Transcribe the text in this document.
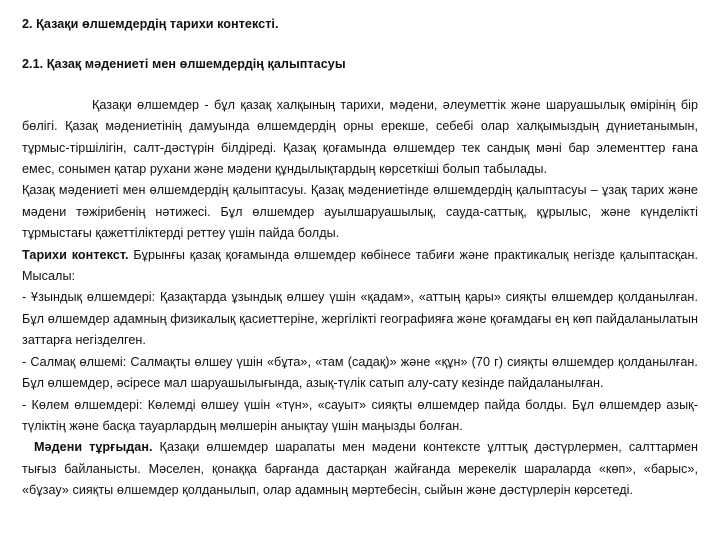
2. Қазақи өлшемдердің тарихи контексті.

2.1. Қазақ мәдениеті мен өлшемдердің қалыптасуы

Қазақи өлшемдер - бұл қазақ халқының тарихи, мәдени, әлеуметтік және шаруашылық өмірінің бір бөлігі. Қазақ мәдениетінің дамуында өлшемдердің орны ерекше, себебі олар халқымыздың дүниетанымын, тұрмыс-тіршілігін, салт-дәстүрін білдіреді. Қазақ қоғамында өлшемдер тек сандық мәні бар элементтер ғана емес, сонымен қатар рухани және мәдени құндылықтардың көрсеткіші болып табылады.

Қазақ мәдениеті мен өлшемдердің қалыптасуы. Қазақ мәдениетінде өлшемдердің қалыптасуы – ұзақ тарих және мәдени тәжірибенің нәтижесі. Бұл өлшемдер ауылшаруашылық, сауда-саттық, құрылыс, және күнделікті тұрмыстағы қажеттіліктерді реттеу үшін пайда болды.

Тарихи контекст. Бұрынғы қазақ қоғамында өлшемдер көбінесе табиғи және практикалық негізде қалыптасқан. Мысалы:

- Ұзындық өлшемдері: Қазақтарда ұзындық өлшеу үшін «қадам», «аттың қары» сияқты өлшемдер қолданылған. Бұл өлшемдер адамның физикалық қасиеттеріне, жергілікті географияға және қоғамдағы ең көп пайдаланылатын заттарға негізделген.

- Салмақ өлшемі: Салмақты өлшеу үшін «бұта», «там (садақ)» және «құн» (70 г) сияқты өлшемдер қолданылған. Бұл өлшемдер, әсіресе мал шаруашылығында, азық-түлік сатып алу-сату кезінде пайдаланылған.

- Көлем өлшемдері: Көлемді өлшеу үшін «түн», «сауыт» сияқты өлшемдер пайда болды. Бұл өлшемдер азық-түліктің және басқа тауарлардың мөлшерін анықтау үшін маңызды болған.

Мәдени тұрғыдан. Қазақи өлшемдер шарапаты мен мәдени контексте ұлттық дәстүрлермен, салттармен тығыз байланысты. Мәселен, қонаққа барғанда дастарқан жайғанда мерекелік шараларда «көп», «барыс», «бұзау» сияқты өлшемдер қолданылып, олар адамның мәртебесін, сыйын және дәстүрлерін көрсетеді.
